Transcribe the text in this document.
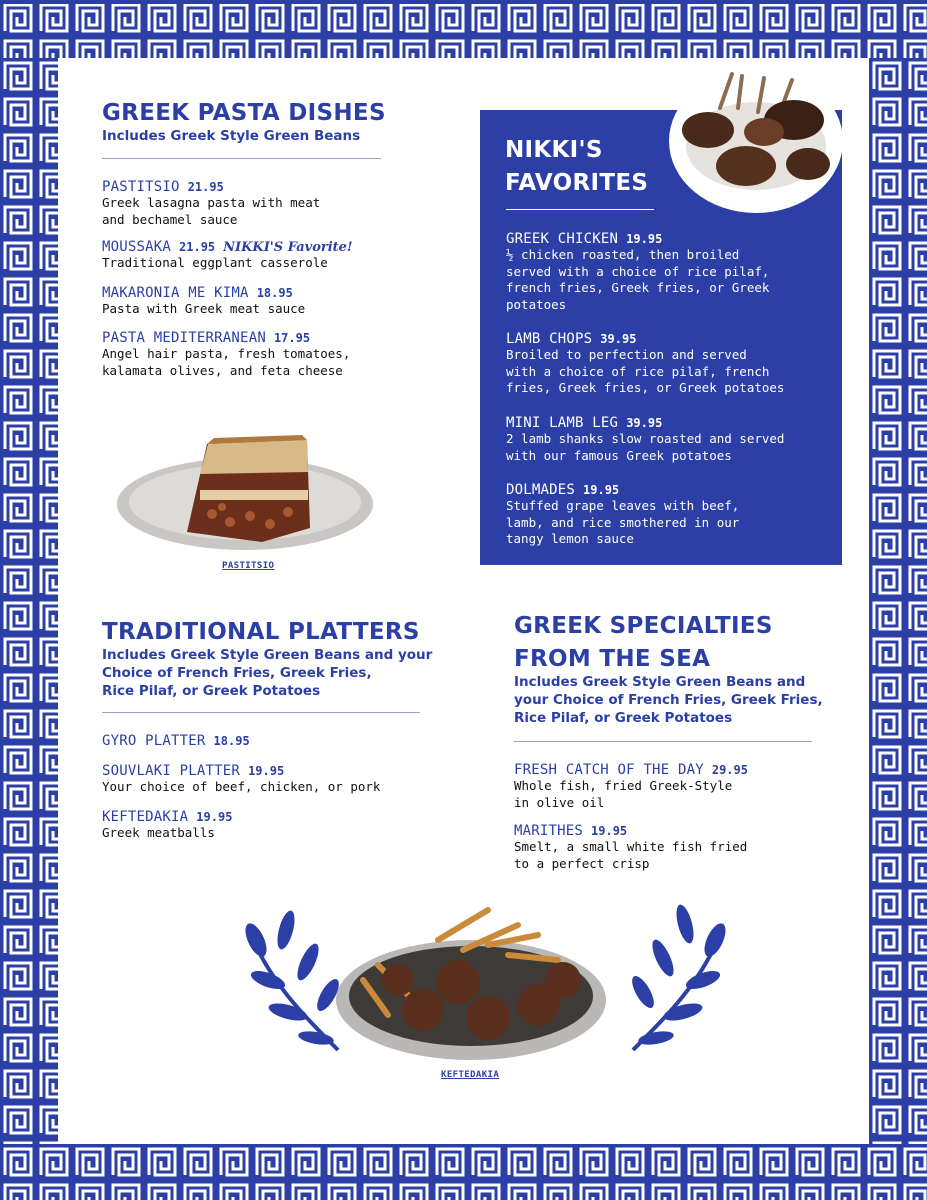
GREEK PASTA DISHES
Includes Greek Style Green Beans
PASTITSIO 21.95
Greek lasagna pasta with meat
and bechamel sauce
MOUSSAKA 21.95 NIKKI'S Favorite!
Traditional eggplant casserole
MAKARONIA ME KIMA 18.95
Pasta with Greek meat sauce
PASTA MEDITERRANEAN 17.95
Angel hair pasta, fresh tomatoes,
kalamata olives, and feta cheese
PASTITSIO
NIKKI'S
FAVORITES
GREEK CHICKEN 19.95
½ chicken roasted, then broiled
served with a choice of rice pilaf,
french fries, Greek fries, or Greek
potatoes
LAMB CHOPS 39.95
Broiled to perfection and served
with a choice of rice pilaf, french
fries, Greek fries, or Greek potatoes
MINI LAMB LEG 39.95
2 lamb shanks slow roasted and served
with our famous Greek potatoes
DOLMADES 19.95
Stuffed grape leaves with beef,
lamb, and rice smothered in our
tangy lemon sauce
LAMB CHOPS
TRADITIONAL PLATTERS
Includes Greek Style Green Beans and your
Choice of French Fries, Greek Fries,
Rice Pilaf, or Greek Potatoes
GYRO PLATTER 18.95
SOUVLAKI PLATTER 19.95
Your choice of beef, chicken, or pork
KEFTEDAKIA 19.95
Greek meatballs
GREEK SPECIALTIES
FROM THE SEA
Includes Greek Style Green Beans and
your Choice of French Fries, Greek Fries,
Rice Pilaf, or Greek Potatoes
FRESH CATCH OF THE DAY 29.95
Whole fish, fried Greek-Style
in olive oil
MARITHES 19.95
Smelt, a small white fish fried
to a perfect crisp
KEFTEDAKIA
